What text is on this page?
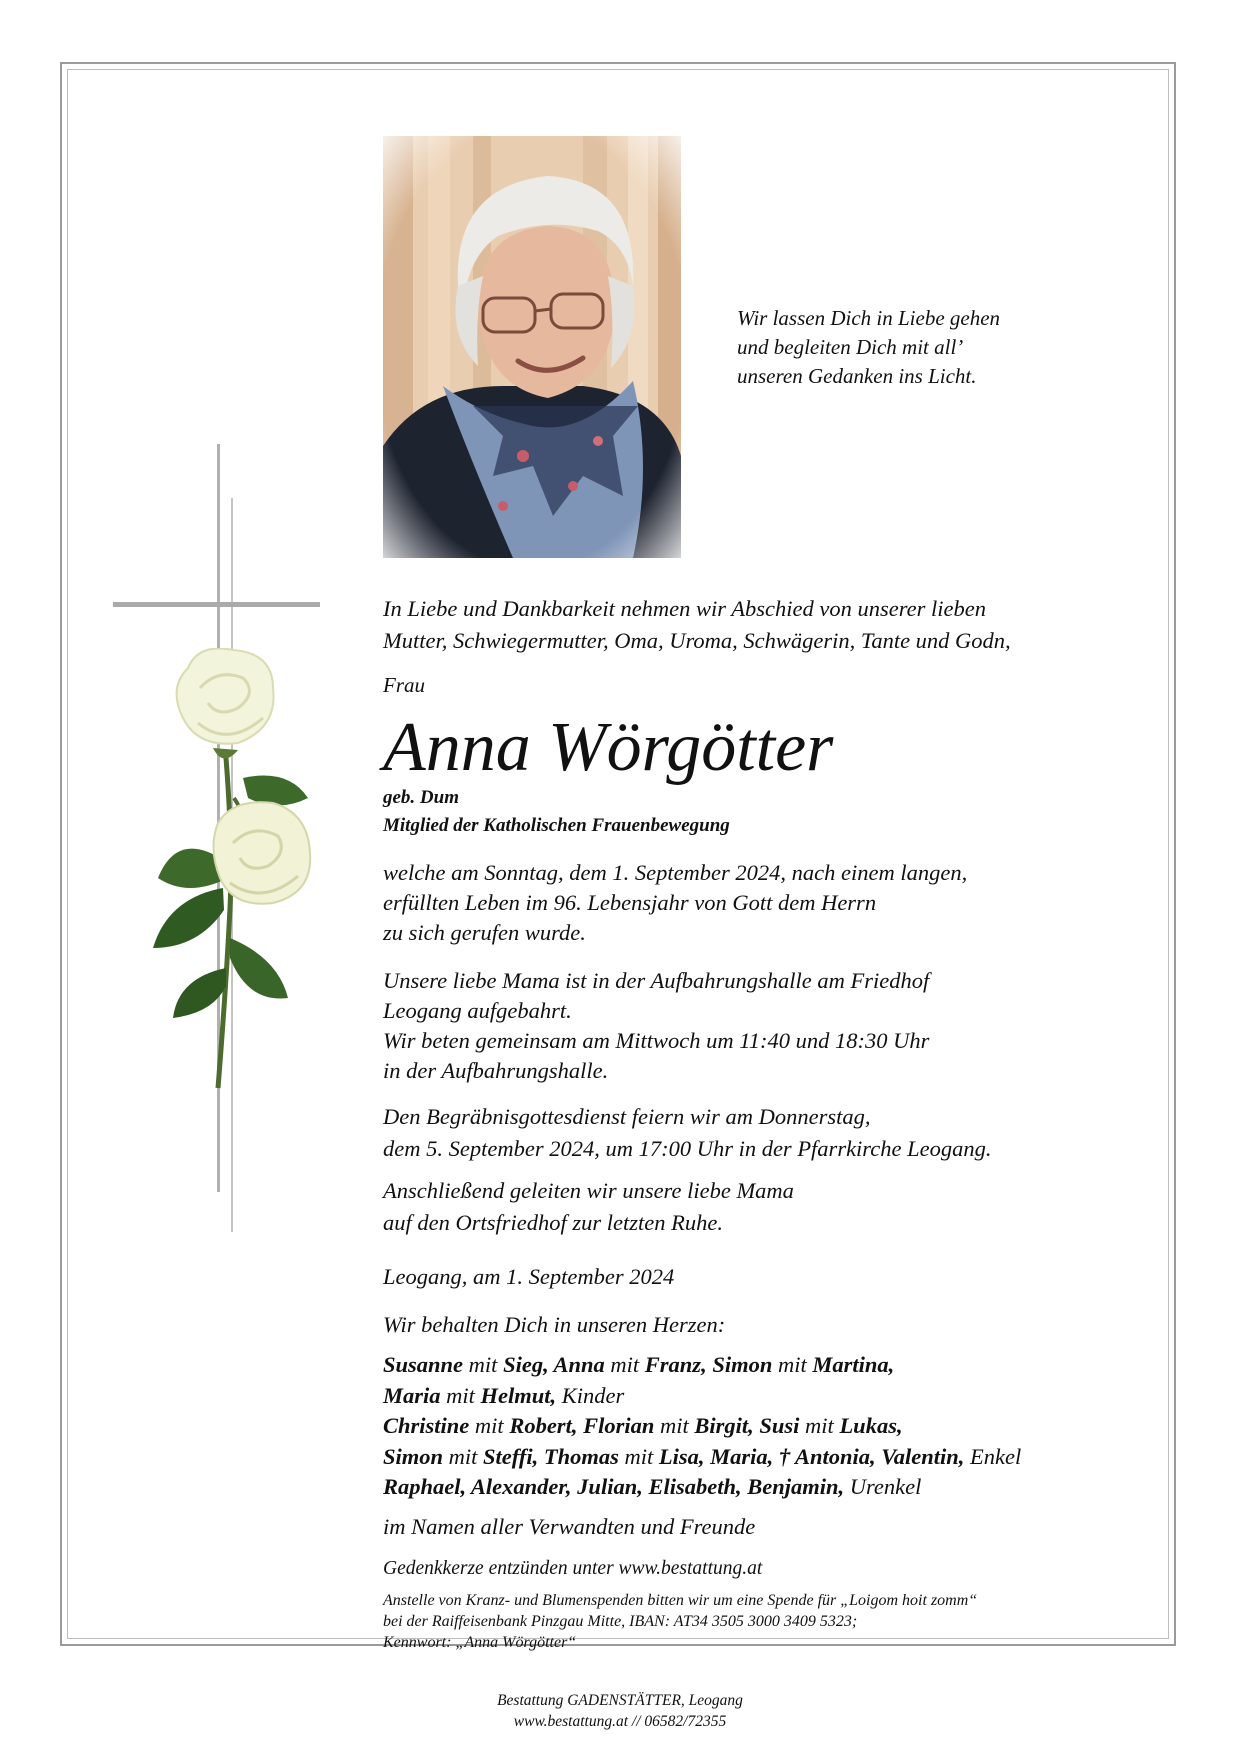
Wir lassen Dich in Liebe gehen
und begleiten Dich mit all’
unseren Gedanken ins Licht.
In Liebe und Dankbarkeit nehmen wir Abschied von unserer lieben
Mutter, Schwiegermutter, Oma, Uroma, Schwägerin, Tante und Godn,
Frau
Anna Wörgötter
geb. Dum
Mitglied der Katholischen Frauenbewegung
welche am Sonntag, dem 1. September 2024, nach einem langen,
erfüllten Leben im 96. Lebensjahr von Gott dem Herrn
zu sich gerufen wurde.
Unsere liebe Mama ist in der Aufbahrungshalle am Friedhof
Leogang aufgebahrt.
Wir beten gemeinsam am Mittwoch um 11:40 und 18:30 Uhr
in der Aufbahrungshalle.
Den Begräbnisgottesdienst feiern wir am Donnerstag,
dem 5. September 2024, um 17:00 Uhr in der Pfarrkirche Leogang.
Anschließend geleiten wir unsere liebe Mama
auf den Ortsfriedhof zur letzten Ruhe.
Leogang, am 1. September 2024
Wir behalten Dich in unseren Herzen:
Susanne mit Sieg, Anna mit Franz, Simon mit Martina,
Maria mit Helmut, Kinder
Christine mit Robert, Florian mit Birgit, Susi mit Lukas,
Simon mit Steffi, Thomas mit Lisa, Maria, † Antonia, Valentin, Enkel
Raphael, Alexander, Julian, Elisabeth, Benjamin, Urenkel
im Namen aller Verwandten und Freunde
Gedenkkerze entzünden unter www.bestattung.at
Anstelle von Kranz- und Blumenspenden bitten wir um eine Spende für „Loigom hoit zomm“
bei der Raiffeisenbank Pinzgau Mitte, IBAN: AT34 3505 3000 3409 5323;
Kennwort: „Anna Wörgötter“
Bestattung GADENSTÄTTER, Leogang
www.bestattung.at // 06582/72355
